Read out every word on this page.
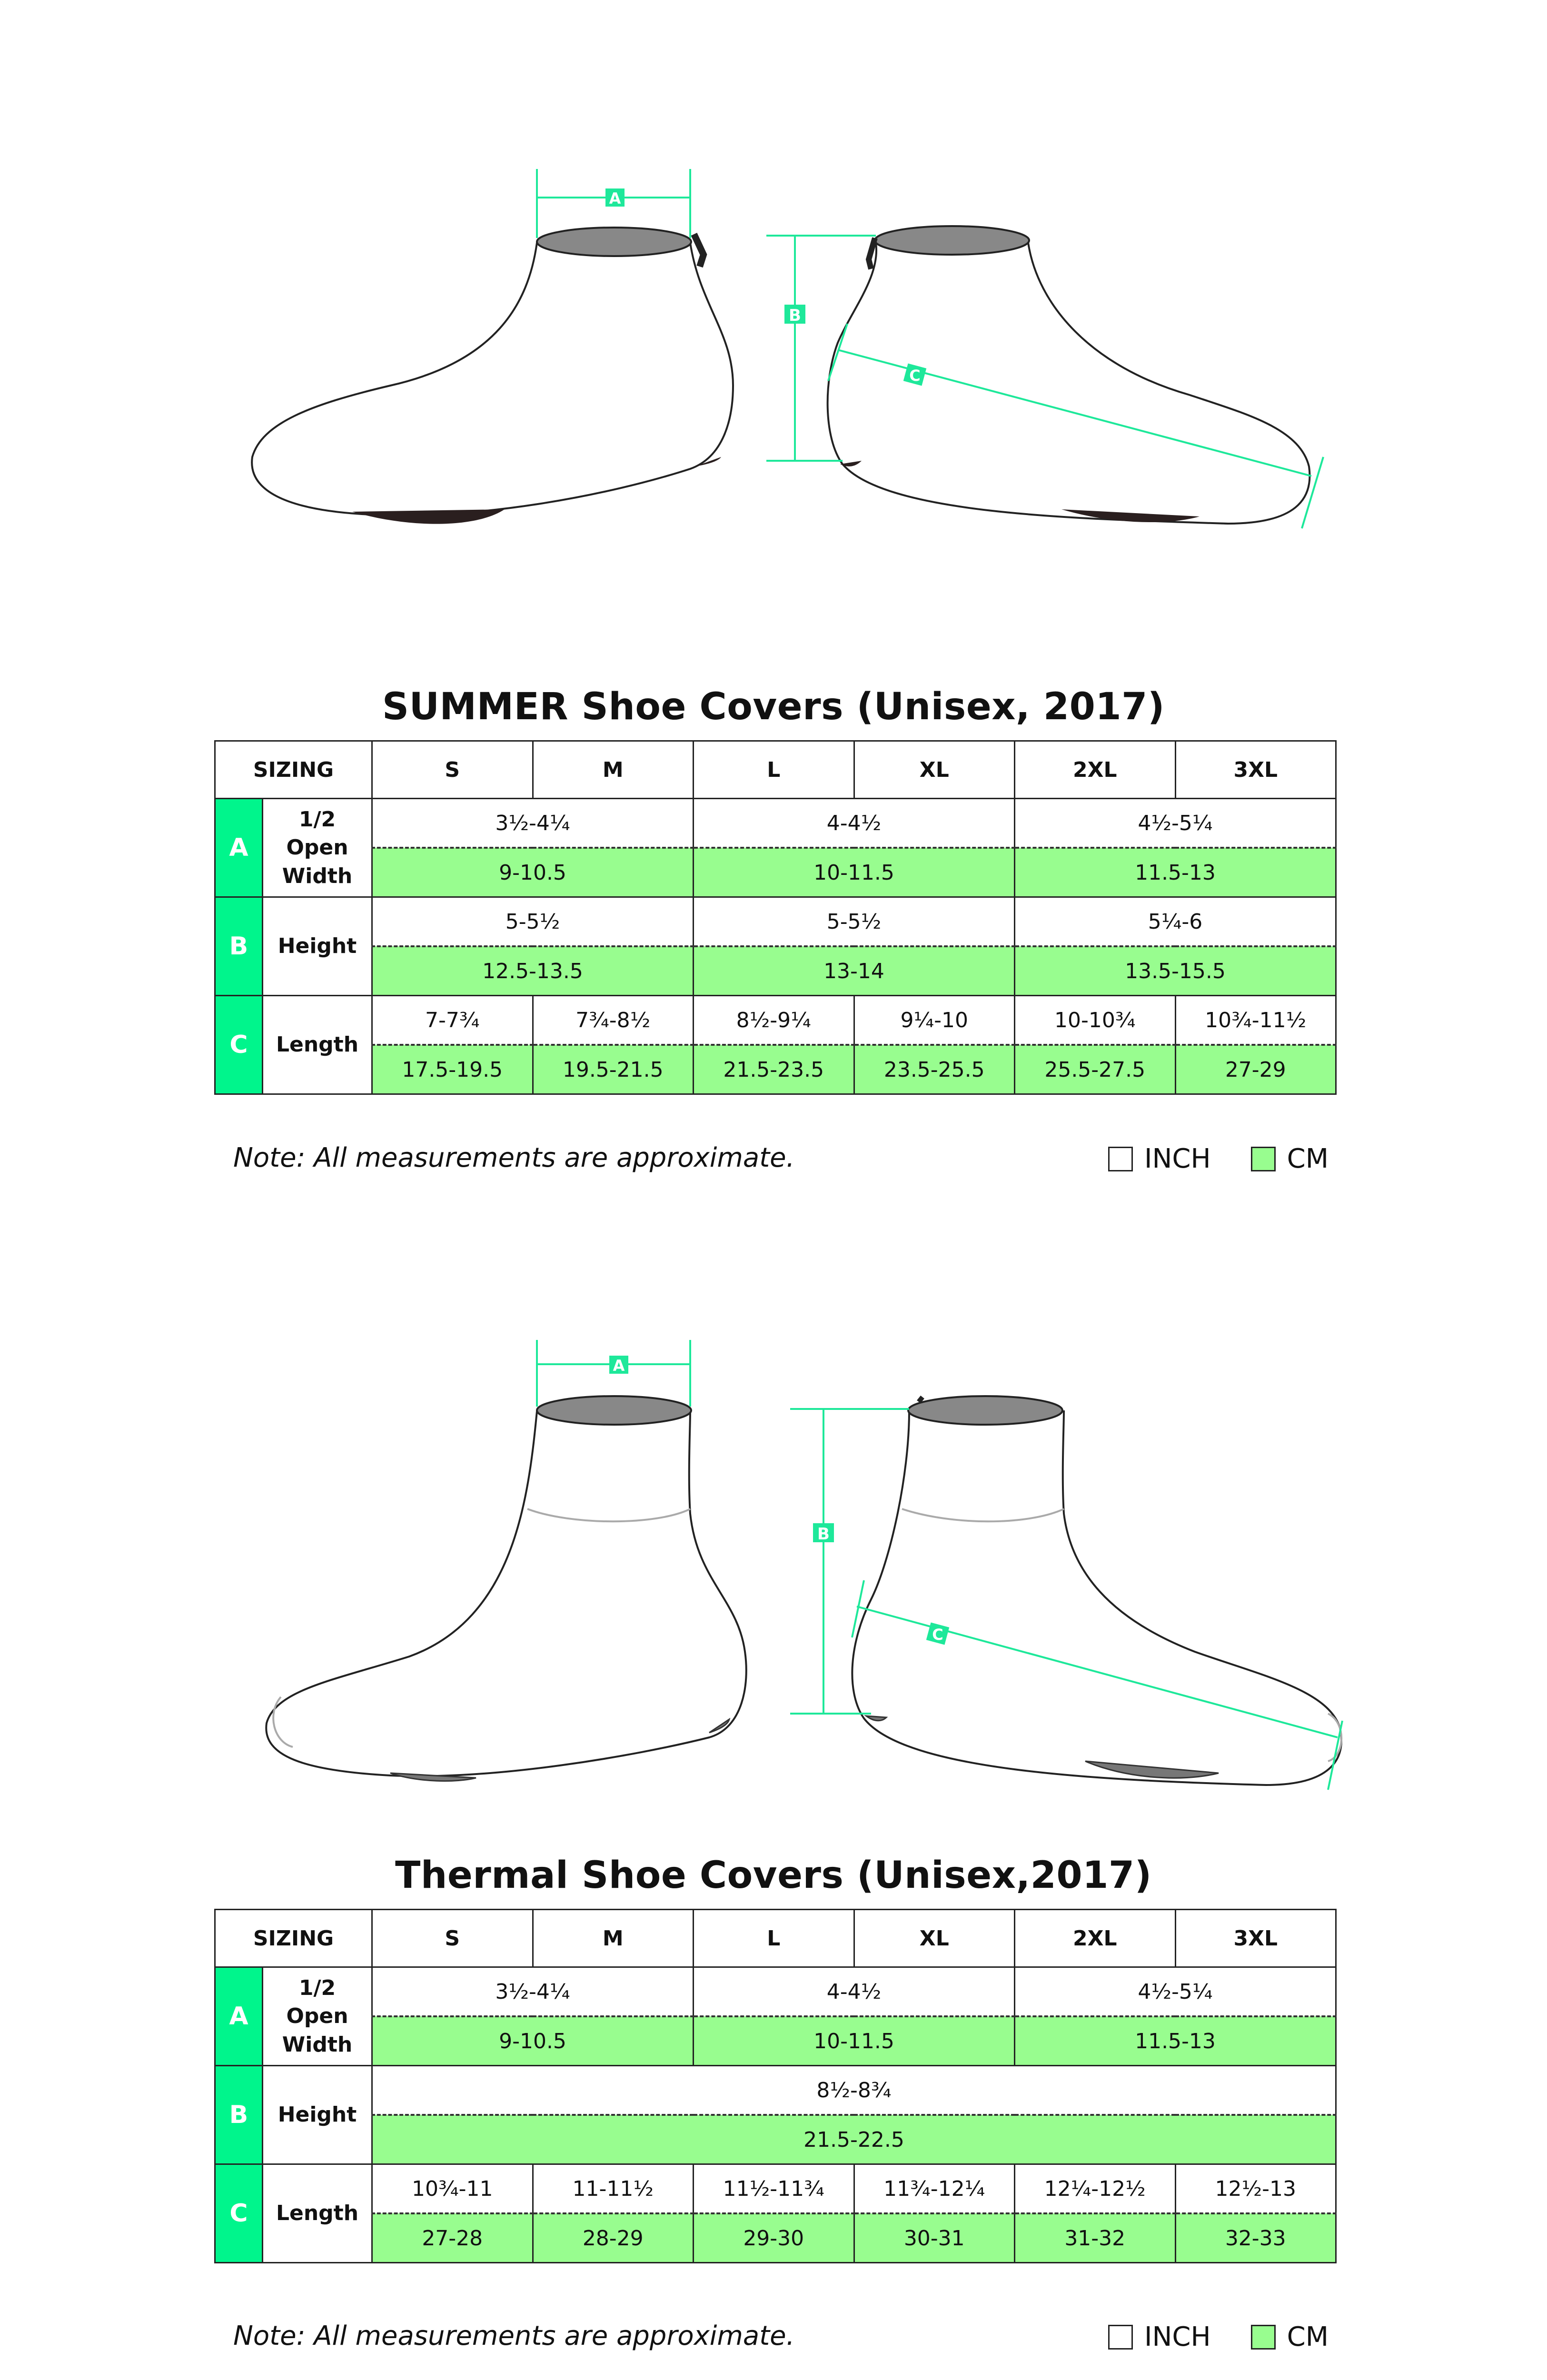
A
B
C
SUMMER Shoe Covers (Unisex, 2017)
SIZING		S	M	L	XL	2XL	3XL
A	1/2
Open
Width	3½-4¼		4-4½		4½-5¼	
		9-10.5		10-11.5		11.5-13	
B	Height	5-5½		5-5½		5¼-6	
		12.5-13.5		13-14		13.5-15.5	
C	Length	7-7¾	7¾-8½	8½-9¼	9¼-10	10-10¾	10¾-11½
		17.5-19.5	19.5-21.5	21.5-23.5	23.5-25.5	25.5-27.5	27-29
Note: All measurements are approximate.	INCH	CM
A
B
C
Thermal Shoe Covers (Unisex,2017)
SIZING		S	M	L	XL	2XL	3XL
A	1/2
Open
Width	3½-4¼		4-4½		4½-5¼	
		9-10.5		10-11.5		11.5-13	
B	Height	8½-8¾					
		21.5-22.5					
C	Length	10¾-11	11-11½	11½-11¾	11¾-12¼	12¼-12½	12½-13
		27-28	28-29	29-30	30-31	31-32	32-33
Note: All measurements are approximate.	INCH	CM
